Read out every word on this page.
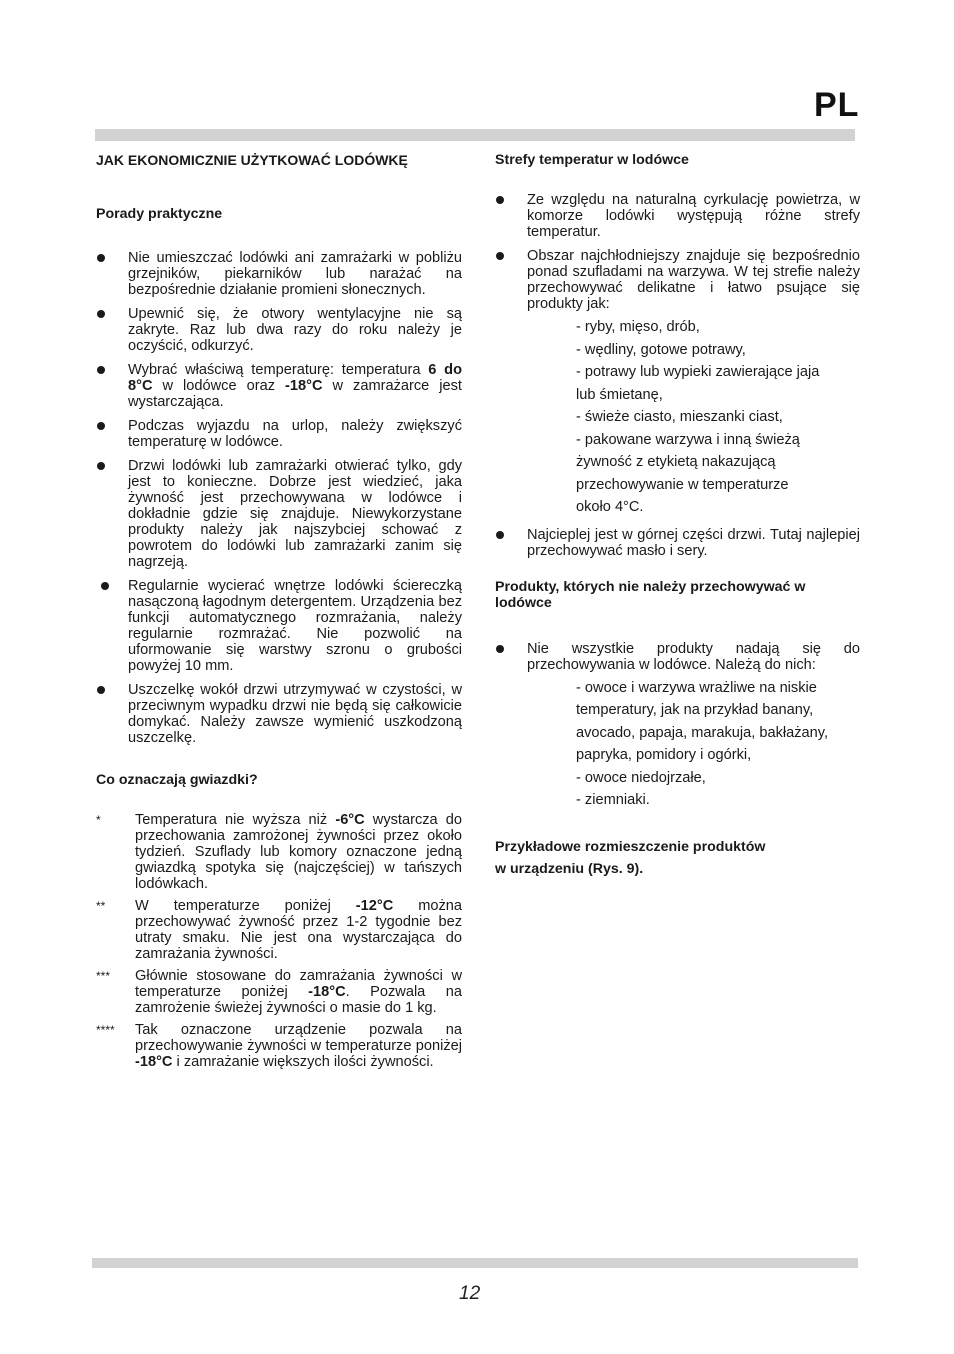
PL
JAK EKONOMICZNIE UŻYTKOWAĆ LODÓWKĘ
Porady praktyczne
Nie umieszczać lodówki ani zamrażarki w pobliżu grzejników, piekarników lub narażać na bezpośrednie działanie promieni słonecznych.
Upewnić się, że otwory wentylacyjne nie są zakryte. Raz lub dwa razy do roku należy je oczyścić, odkurzyć.
Wybrać właściwą temperaturę: temperatura 6 do 8°C w lodówce oraz -18°C w zamrażarce jest wystarczająca.
Podczas wyjazdu na urlop, należy zwiększyć temperaturę w lodówce.
Drzwi lodówki lub zamrażarki otwierać tylko, gdy jest to konieczne. Dobrze jest wiedzieć, jaka żywność jest przechowywana w lodówce i dokładnie gdzie się znajduje. Niewykorzystane produkty należy jak najszybciej schować z powrotem do lodówki lub zamrażarki zanim się nagrzeją.
Regularnie wycierać wnętrze lodówki ściereczką nasączoną łagodnym detergentem. Urządzenia bez funkcji automatycznego rozmrażania, należy regularnie rozmrażać. Nie pozwolić na uformowanie się warstwy szronu o grubości powyżej 10 mm.
Uszczelkę wokół drzwi utrzymywać w czystości, w przeciwnym wypadku drzwi nie będą się całkowicie domykać. Należy zawsze wymienić uszkodzoną uszczelkę.
Co oznaczają gwiazdki?
* Temperatura nie wyższa niż -6°C wystarcza do przechowania zamrożonej żywności przez około tydzień. Szuflady lub komory oznaczone jedną gwiazdką spotyka się (najczęściej) w tańszych lodówkach.
** W temperaturze poniżej -12°C można przechowywać żywność przez 1-2 tygodnie bez utraty smaku. Nie jest ona wystarczająca do zamrażania żywności.
*** Głównie stosowane do zamrażania żywności w temperaturze poniżej -18°C. Pozwala na zamrożenie świeżej żywności o masie do 1 kg.
**** Tak oznaczone urządzenie pozwala na przechowywanie żywności w temperaturze poniżej -18°C i zamrażanie większych ilości żywności.
Strefy temperatur w lodówce
Ze względu na naturalną cyrkulację powietrza, w komorze lodówki występują różne strefy temperatur.
Obszar najchłodniejszy znajduje się bezpośrednio ponad szufladami na warzywa. W tej strefie należy przechowywać delikatne i łatwo psujące się produkty jak:
- ryby, mięso, drób,
- wędliny, gotowe potrawy,
- potrawy lub wypieki zawierające jaja
lub śmietanę,
- świeże ciasto, mieszanki ciast,
- pakowane warzywa i inną świeżą
żywność z etykietą nakazującą
przechowywanie w temperaturze
około 4°C.
Najcieplej jest w górnej części drzwi. Tutaj najlepiej przechowywać masło i sery.
Produkty, których nie należy przechowywać w lodówce
Nie wszystkie produkty nadają się do przechowywania w lodówce. Należą do nich:
- owoce i warzywa wrażliwe na niskie
temperatury, jak na przykład banany,
avocado, papaja, marakuja, bakłażany,
papryka, pomidory i ogórki,
- owoce niedojrzałe,
- ziemniaki.
Przykładowe rozmieszczenie produktów
w urządzeniu (Rys. 9).
12
